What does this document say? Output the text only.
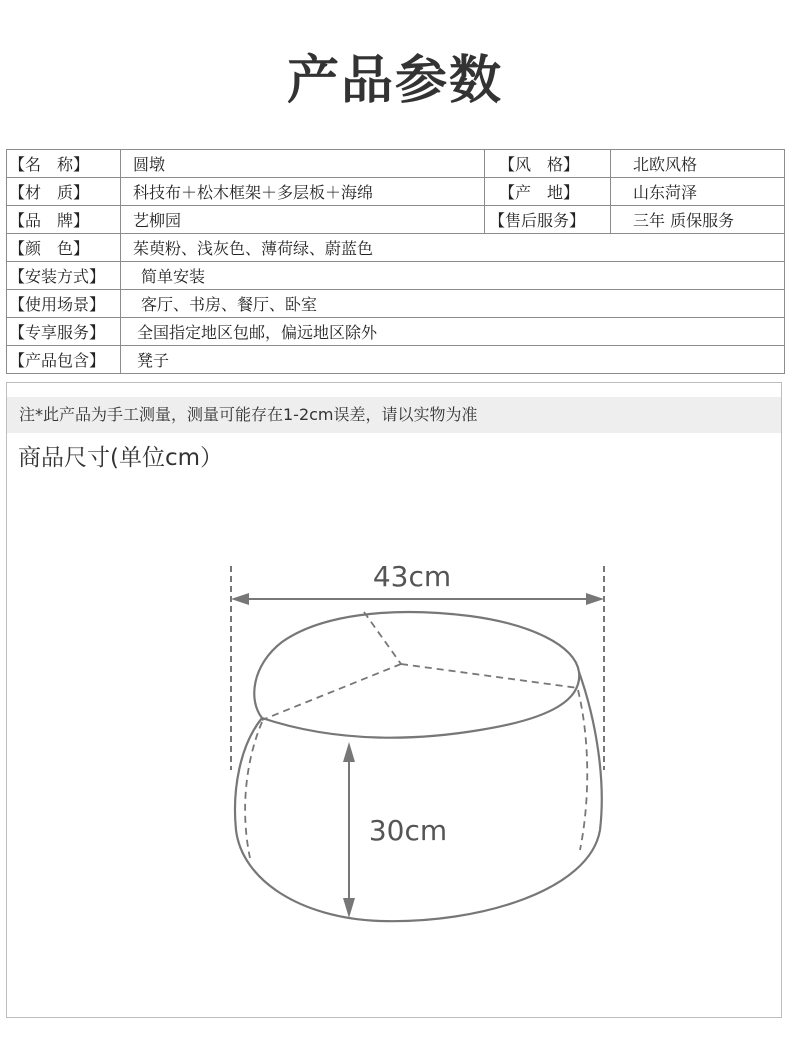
产品参数
【名　称】	圆墩	【风　格】	北欧风格
【材　质】	科技布＋松木框架＋多层板＋海绵	【产　地】	山东菏泽
【品　牌】	艺柳园	【售后服务】	三年 质保服务
【颜　色】	茱萸粉、浅灰色、薄荷绿、蔚蓝色		
【安装方式】	简单安装		
【使用场景】	客厅、书房、餐厅、卧室		
【专享服务】	全国指定地区包邮，偏远地区除外		
【产品包含】	凳子		
注*此产品为手工测量，测量可能存在1-2cm误差，请以实物为准
商品尺寸(单位cm）
43cm
30cm
